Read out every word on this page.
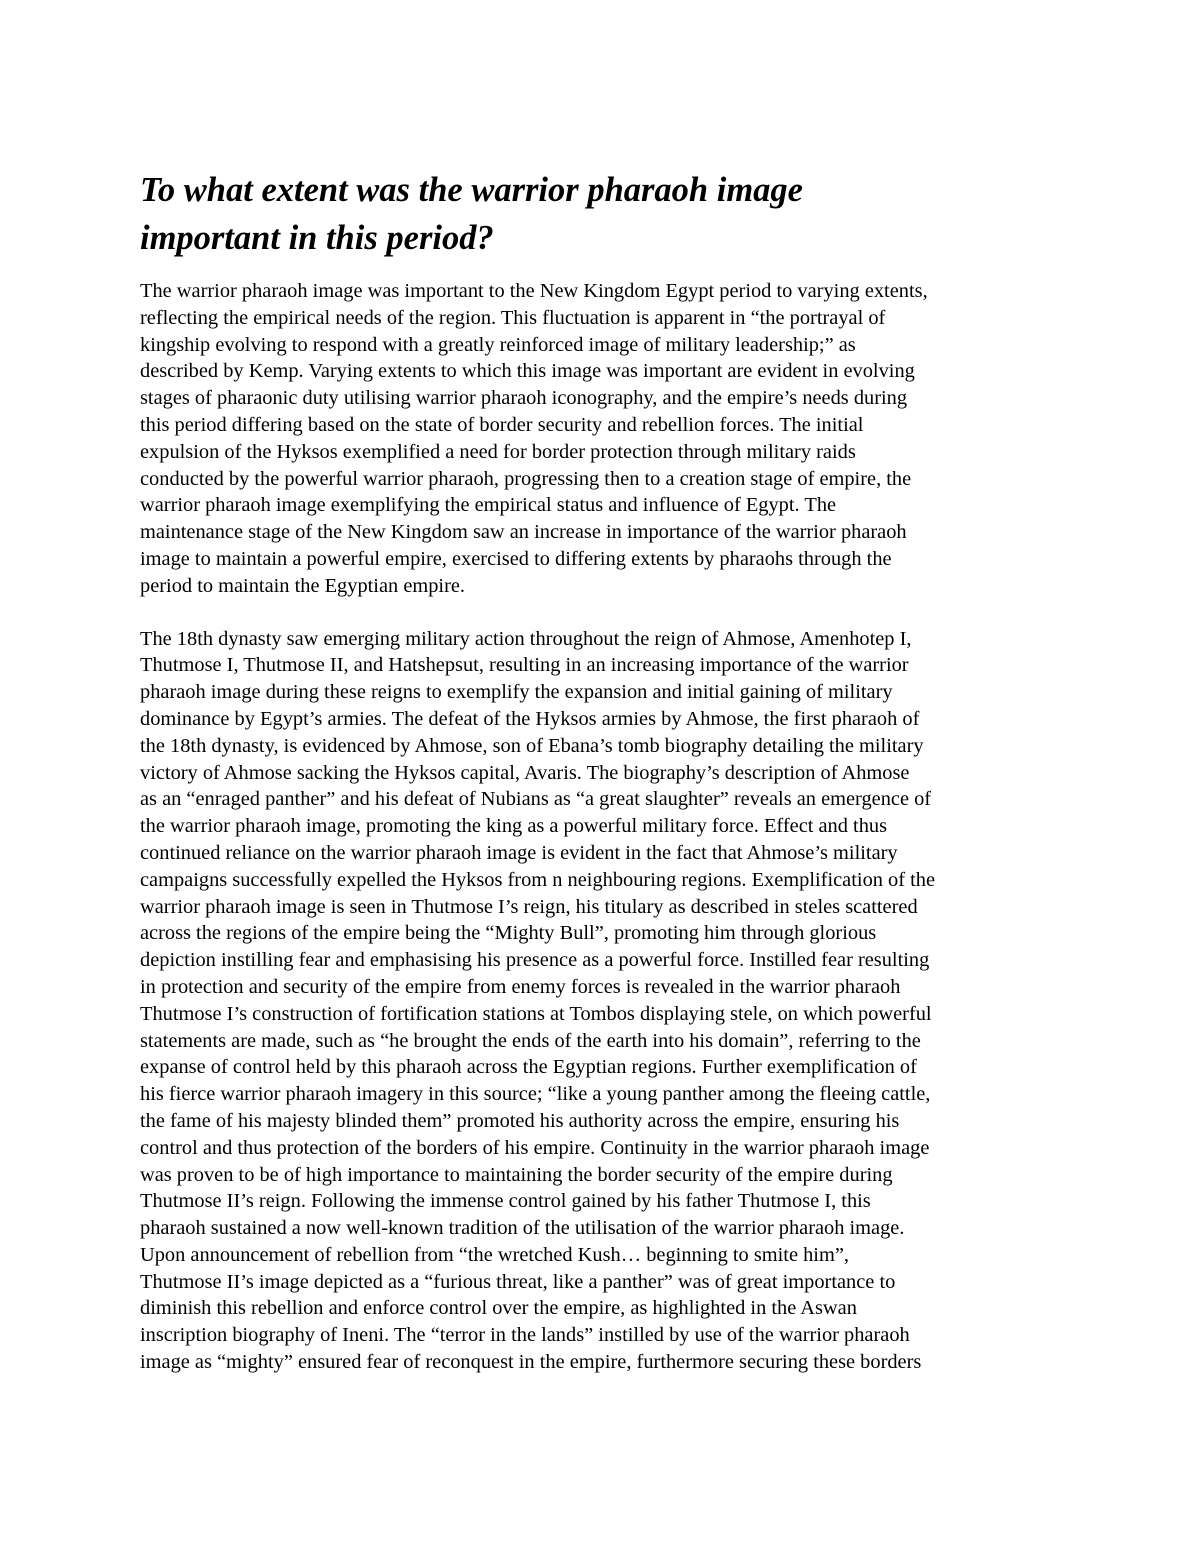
To what extent was the warrior pharaoh image
important in this period?

The warrior pharaoh image was important to the New Kingdom Egypt period to varying extents,
reflecting the empirical needs of the region. This fluctuation is apparent in “the portrayal of
kingship evolving to respond with a greatly reinforced image of military leadership;” as
described by Kemp. Varying extents to which this image was important are evident in evolving
stages of pharaonic duty utilising warrior pharaoh iconography, and the empire’s needs during
this period differing based on the state of border security and rebellion forces. The initial
expulsion of the Hyksos exemplified a need for border protection through military raids
conducted by the powerful warrior pharaoh, progressing then to a creation stage of empire, the
warrior pharaoh image exemplifying the empirical status and influence of Egypt. The
maintenance stage of the New Kingdom saw an increase in importance of the warrior pharaoh
image to maintain a powerful empire, exercised to differing extents by pharaohs through the
period to maintain the Egyptian empire.

The 18th dynasty saw emerging military action throughout the reign of Ahmose, Amenhotep I,
Thutmose I, Thutmose II, and Hatshepsut, resulting in an increasing importance of the warrior
pharaoh image during these reigns to exemplify the expansion and initial gaining of military
dominance by Egypt’s armies. The defeat of the Hyksos armies by Ahmose, the first pharaoh of
the 18th dynasty, is evidenced by Ahmose, son of Ebana’s tomb biography detailing the military
victory of Ahmose sacking the Hyksos capital, Avaris. The biography’s description of Ahmose
as an “enraged panther” and his defeat of Nubians as “a great slaughter” reveals an emergence of
the warrior pharaoh image, promoting the king as a powerful military force. Effect and thus
continued reliance on the warrior pharaoh image is evident in the fact that Ahmose’s military
campaigns successfully expelled the Hyksos from n neighbouring regions. Exemplification of the
warrior pharaoh image is seen in Thutmose I’s reign, his titulary as described in steles scattered
across the regions of the empire being the “Mighty Bull”, promoting him through glorious
depiction instilling fear and emphasising his presence as a powerful force. Instilled fear resulting
in protection and security of the empire from enemy forces is revealed in the warrior pharaoh
Thutmose I’s construction of fortification stations at Tombos displaying stele, on which powerful
statements are made, such as “he brought the ends of the earth into his domain”, referring to the
expanse of control held by this pharaoh across the Egyptian regions. Further exemplification of
his fierce warrior pharaoh imagery in this source; “like a young panther among the fleeing cattle,
the fame of his majesty blinded them” promoted his authority across the empire, ensuring his
control and thus protection of the borders of his empire. Continuity in the warrior pharaoh image
was proven to be of high importance to maintaining the border security of the empire during
Thutmose II’s reign. Following the immense control gained by his father Thutmose I, this
pharaoh sustained a now well-known tradition of the utilisation of the warrior pharaoh image.
Upon announcement of rebellion from “the wretched Kush… beginning to smite him”,
Thutmose II’s image depicted as a “furious threat, like a panther” was of great importance to
diminish this rebellion and enforce control over the empire, as highlighted in the Aswan
inscription biography of Ineni. The “terror in the lands” instilled by use of the warrior pharaoh
image as “mighty” ensured fear of reconquest in the empire, furthermore securing these borders
